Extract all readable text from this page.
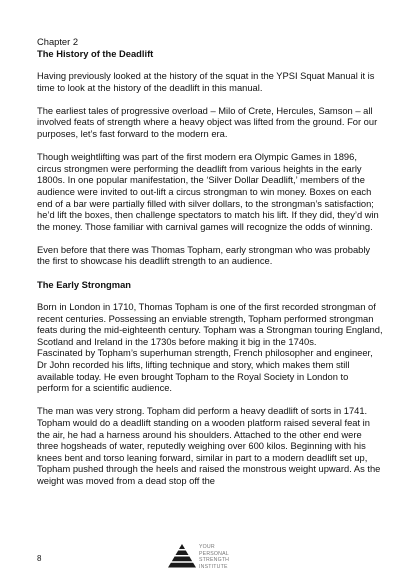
Chapter 2
The History of the Deadlift

Having previously looked at the history of the squat in the YPSI Squat Manual it is time to look at the history of the deadlift in this manual.

The earliest tales of progressive overload – Milo of Crete, Hercules, Samson – all involved feats of strength where a heavy object was lifted from the ground. For our purposes, let’s fast forward to the modern era.

Though weightlifting was part of the first modern era Olympic Games in 1896, circus strongmen were performing the deadlift from various heights in the early 1800s. In one popular manifestation, the ‘Silver Dollar Deadlift,’ members of the audience were invited to out-lift a circus strongman to win money. Boxes on each end of a bar were partially filled with silver dollars, to the strongman’s satisfaction; he’d lift the boxes, then challenge spectators to match his lift. If they did, they’d win the money. Those familiar with carnival games will recognize the odds of winning.

Even before that there was Thomas Topham, early strongman who was probably the first to showcase his deadlift strength to an audience.

The Early Strongman

Born in London in 1710, Thomas Topham is one of the first recorded strongman of recent centuries. Possessing an enviable strength, Topham performed strongman feats during the mid-eighteenth century. Topham was a Strongman touring England, Scotland and Ireland in the 1730s before making it big in the 1740s.

Fascinated by Topham’s superhuman strength, French philosopher and engineer, Dr John recorded his lifts, lifting technique and story, which makes them still available today. He even brought Topham to the Royal Society in London to perform for a scientific audience.

The man was very strong. Topham did perform a heavy deadlift of sorts in 1741. Topham would do a deadlift standing on a wooden platform raised several feat in the air, he had a harness around his shoulders. Attached to the other end were three hogsheads of water, reputedly weighing over 600 kilos. Beginning with his knees bent and torso leaning forward, similar in part to a modern deadlift set up, Topham pushed through the heels and raised the monstrous weight upward. As the weight was moved from a dead stop off the

8
YOUR
PERSONAL
STRENGTH
INSTITUTE
